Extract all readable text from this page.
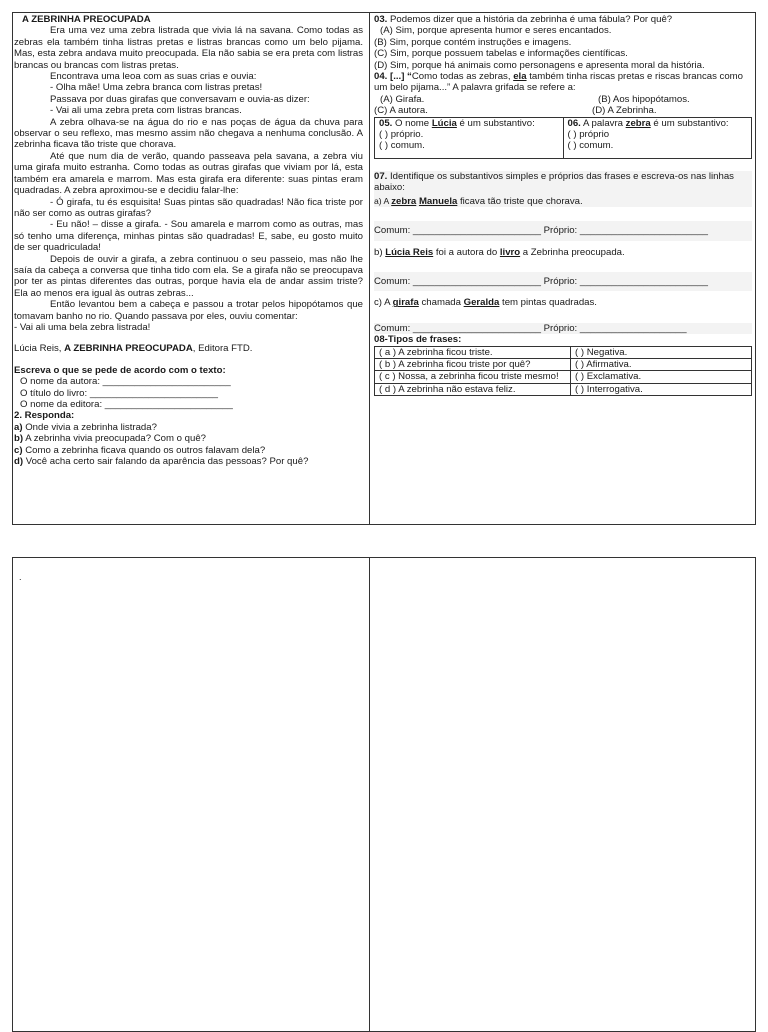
A ZEBRINHA PREOCUPADA

Era uma vez uma zebra listrada que vivia lá na savana. Como todas as zebras ela também tinha listras pretas e listras brancas como um belo pijama. Mas, esta zebra andava muito preocupada. Ela não sabia se era preta com listras brancas ou brancas com listras pretas.

Encontrava uma leoa com as suas crias e ouvia:

- Olha mãe! Uma zebra branca com listras pretas!

Passava por duas girafas que conversavam e ouvia-as dizer:

- Vai ali uma zebra preta com listras brancas.

A zebra olhava-se na água do rio e nas poças de água da chuva para observar o seu reflexo, mas mesmo assim não chegava a nenhuma conclusão. A zebrinha ficava tão triste que chorava.

Até que num dia de verão, quando passeava pela savana, a zebra viu uma girafa muito estranha. Como todas as outras girafas que viviam por lá, esta também era amarela e marrom. Mas esta girafa era diferente: suas pintas eram quadradas. A zebra aproximou-se e decidiu falar-lhe:

- Ó girafa, tu és esquisita! Suas pintas são quadradas! Não fica triste por não ser como as outras girafas?

- Eu não! – disse a girafa. - Sou amarela e marrom como as outras, mas só tenho uma diferença, minhas pintas são quadradas! E, sabe, eu gosto muito de ser quadriculada!

Depois de ouvir a girafa, a zebra continuou o seu passeio, mas não lhe saía da cabeça a conversa que tinha tido com ela. Se a girafa não se preocupava por ter as pintas diferentes das outras, porque havia ela de andar assim triste? Ela ao menos era igual às outras zebras...

Então levantou bem a cabeça e passou a trotar pelos hipopótamos que tomavam banho no rio. Quando passava por eles, ouviu comentar:

- Vai ali uma bela zebra listrada!

Lúcia Reis, A ZEBRINHA PREOCUPADA, Editora FTD.

Escreva o que se pede de acordo com o texto:

O nome da autora: ________________________

O título do livro: ________________________

O nome da editora: ________________________

2. Responda:

a) Onde vivia a zebrinha listrada?

b) A zebrinha vivia preocupada? Com o quê?

c) Como a zebrinha ficava quando os outros falavam dela?

d) Você acha certo sair falando da aparência das pessoas? Por quê?

03. Podemos dizer que a história da zebrinha é uma fábula? Por quê?

(A) Sim, porque apresenta humor e seres encantados.

(B) Sim, porque contém instruções e imagens.

(C) Sim, porque possuem tabelas e informações científicas.

(D) Sim, porque há animais como personagens e apresenta moral da história.

04. [...] “Como todas as zebras, ela também tinha riscas pretas e riscas brancas como um belo pijama...” A palavra grifada se refere a:

(A) Girafa.	(B) Aos hipopótamos.
(C) A autora.	(D) A Zebrinha.

05. O nome Lúcia é um substantivo:

( ) próprio.

( ) comum.

06. A palavra zebra é um substantivo:

( ) próprio

( ) comum.

07. Identifique os substantivos simples e próprios das frases e escreva-os nas linhas abaixo:

a) A zebra Manuela ficava tão triste que chorava.

Comum: ________________________ Próprio: ________________________

b) Lúcia Reis foi a autora do livro a Zebrinha preocupada.

Comum: ________________________ Próprio: ________________________

c) A girafa chamada Geralda tem pintas quadradas.

Comum: ________________________ Próprio: ____________________

08-Tipos de frases:

( a ) A zebrinha ficou triste.	( ) Negativa.
( b ) A zebrinha ficou triste por quê?	( ) Afirmativa.
( c ) Nossa, a zebrinha ficou triste mesmo!	( ) Exclamativa.
( d ) A zebrinha não estava feliz.	( ) Interrogativa.
.
